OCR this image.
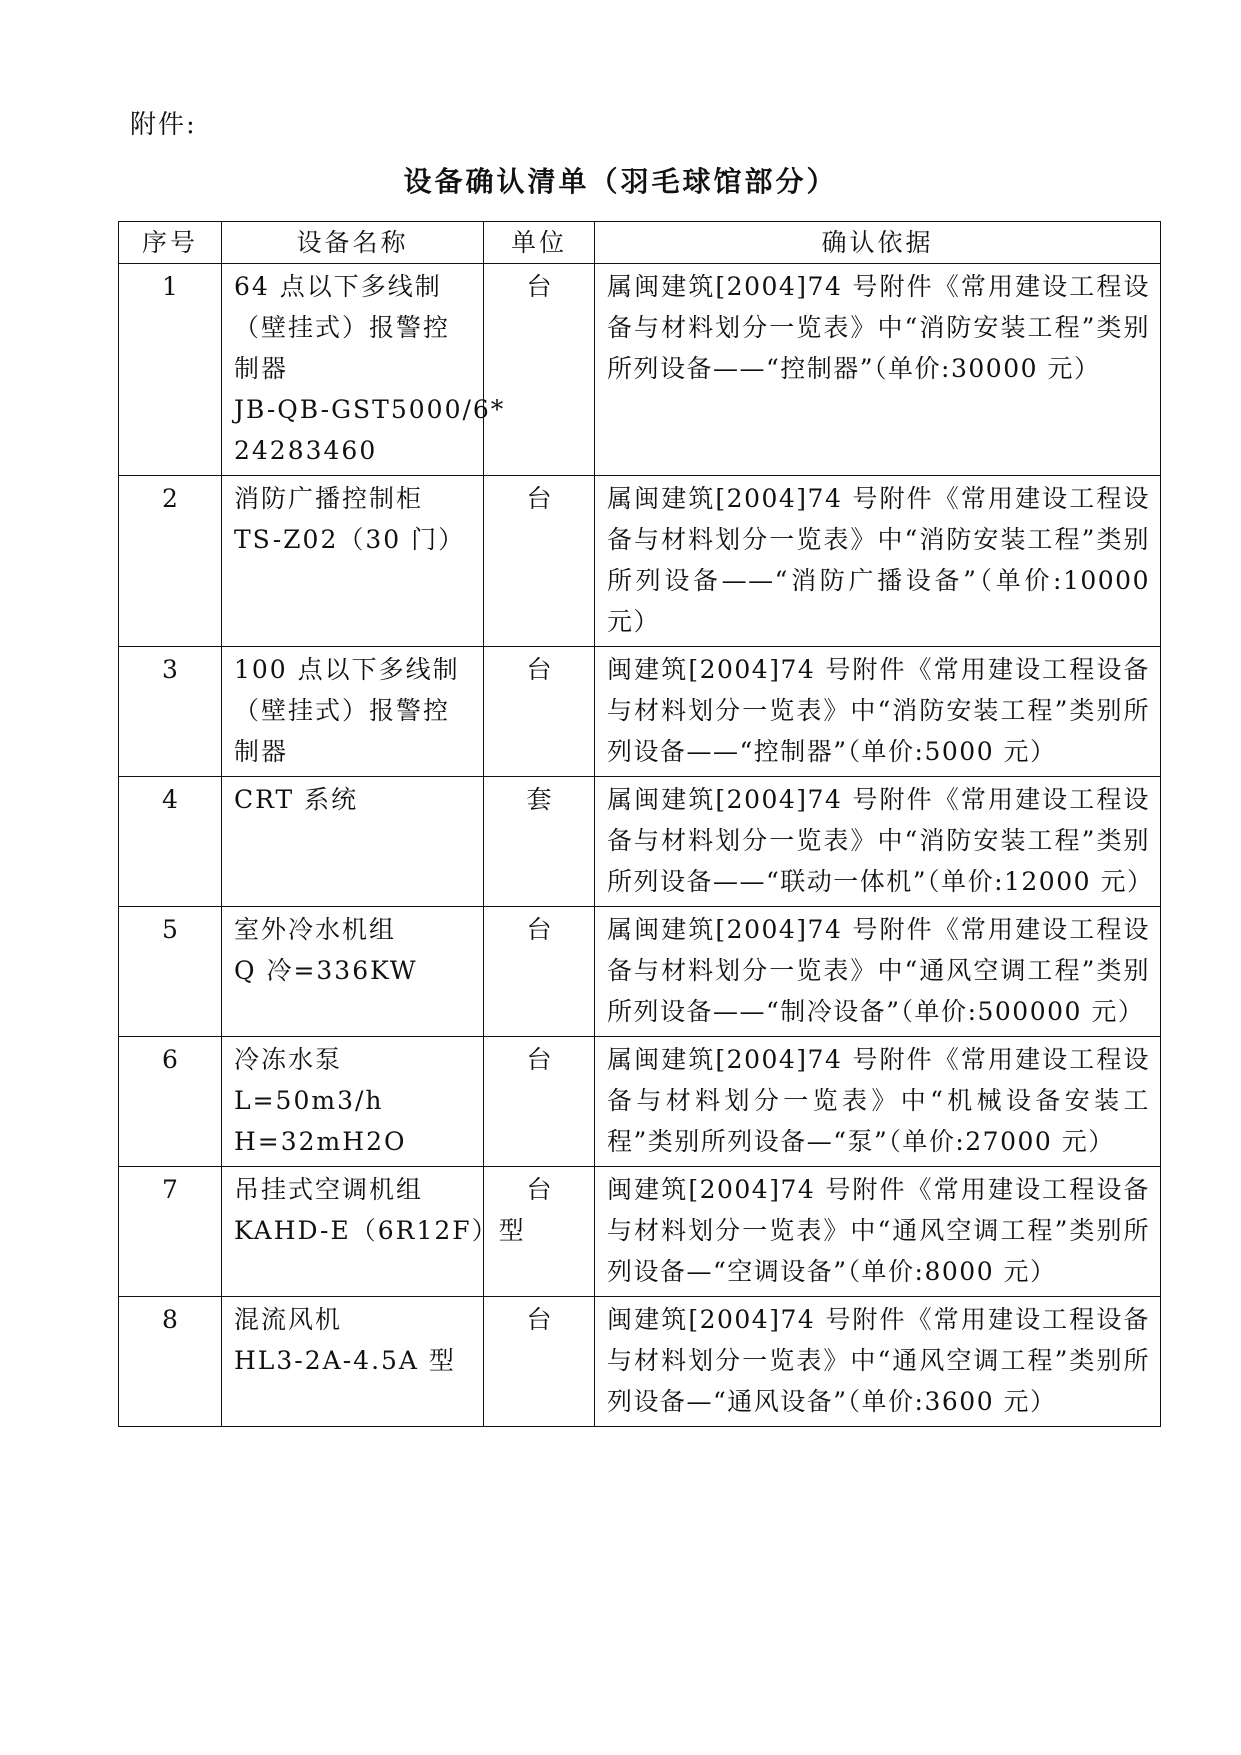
附件:
设备确认清单（羽毛球馆部分）
序号	设备名称	单位	确认依据
1	64 点以下多线制
（壁挂式）报警控
制器
JB-QB-GST5000/6*
24283460	台	属闽建筑[2004]74 号附件《常用建设工程设备与材料划分一览表》中“消防安装工程”类别所列设备——“控制器”（单价:30000 元）
2	消防广播控制柜
TS-Z02（30 门）	台	属闽建筑[2004]74 号附件《常用建设工程设备与材料划分一览表》中“消防安装工程”类别所列设备——“消防广播设备”（单价:10000 元）
3	100 点以下多线制
（壁挂式）报警控
制器	台	闽建筑[2004]74 号附件《常用建设工程设备与材料划分一览表》中“消防安装工程”类别所列设备——“控制器”（单价:5000 元）
4	CRT 系统	套	属闽建筑[2004]74 号附件《常用建设工程设备与材料划分一览表》中“消防安装工程”类别所列设备——“联动一体机”（单价:12000 元）
5	室外冷水机组
Q 冷=336KW	台	属闽建筑[2004]74 号附件《常用建设工程设备与材料划分一览表》中“通风空调工程”类别所列设备——“制冷设备”（单价:500000 元）
6	冷冻水泵
L=50m3/h
H=32mH2O	台	属闽建筑[2004]74 号附件《常用建设工程设备与材料划分一览表》中“机械设备安装工程”类别所列设备—“泵”（单价:27000 元）
7	吊挂式空调机组
KAHD-E（6R12F）型	台	闽建筑[2004]74 号附件《常用建设工程设备与材料划分一览表》中“通风空调工程”类别所列设备—“空调设备”（单价:8000 元）
8	混流风机
HL3-2A-4.5A 型	台	闽建筑[2004]74 号附件《常用建设工程设备与材料划分一览表》中“通风空调工程”类别所列设备—“通风设备”（单价:3600 元）
